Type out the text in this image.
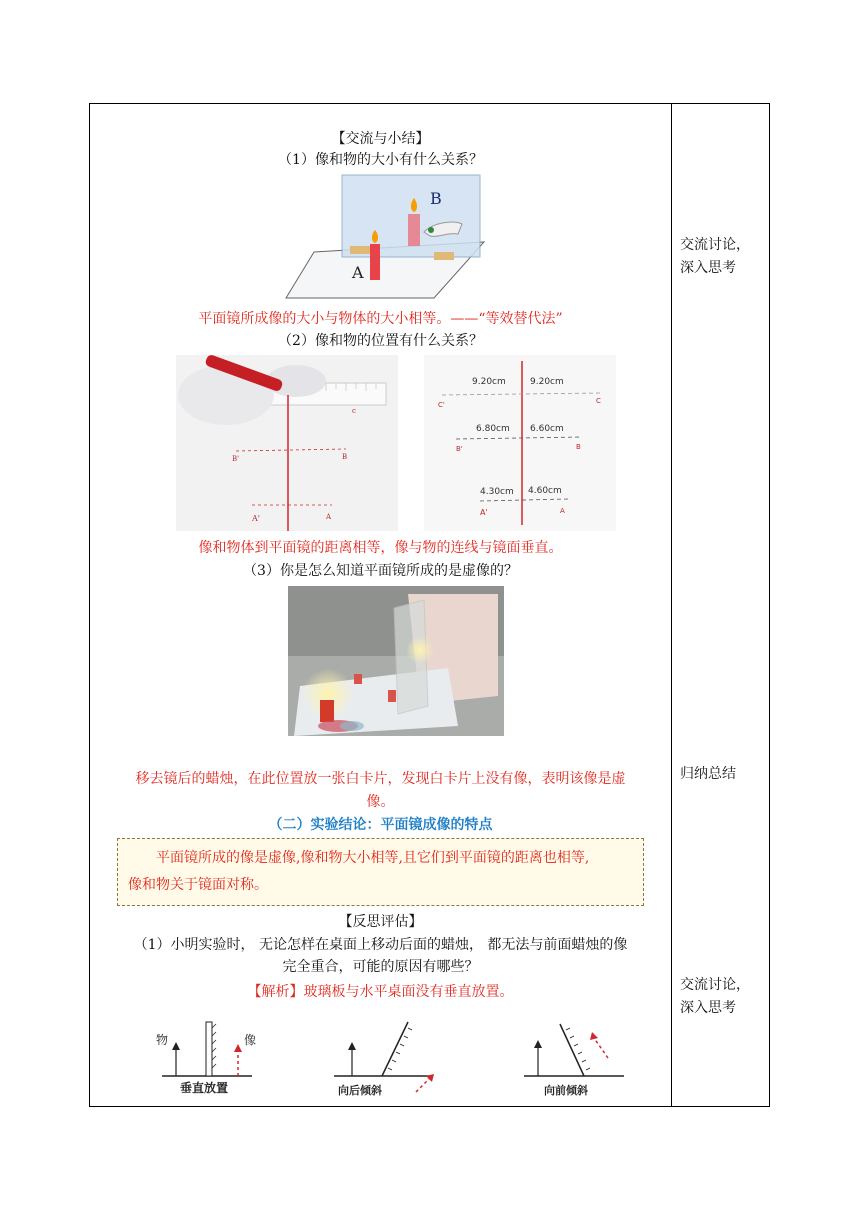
交流讨论，
深入思考
归纳总结
交流讨论，
深入思考
【交流与小结】
（1）像和物的大小有什么关系？
A
B
平面镜所成像的大小与物体的大小相等。——“等效替代法”
（2）像和物的位置有什么关系？
c
B'	B
A'	A
9.20cm	9.20cm
6.80cm 6.60cm
4.30cm 4.60cm
C'	C
B'	B
A'	A
像和物体到平面镜的距离相等，像与物的连线与镜面垂直。
（3）你是怎么知道平面镜所成的是虚像的？
移去镜后的蜡烛，在此位置放一张白卡片，发现白卡片上没有像，表明该像是虚
像。
（二）实验结论：平面镜成像的特点
平面镜所成的像是虚像,像和物大小相等,且它们到平面镜的距离也相等,
像和物关于镜面对称。
【反思评估】
（1）小明实验时， 无论怎样在桌面上移动后面的蜡烛， 都无法与前面蜡烛的像
完全重合，可能的原因有哪些？
【解析】玻璃板与水平桌面没有垂直放置。
物	像
垂直放置	向后倾斜	向前倾斜
